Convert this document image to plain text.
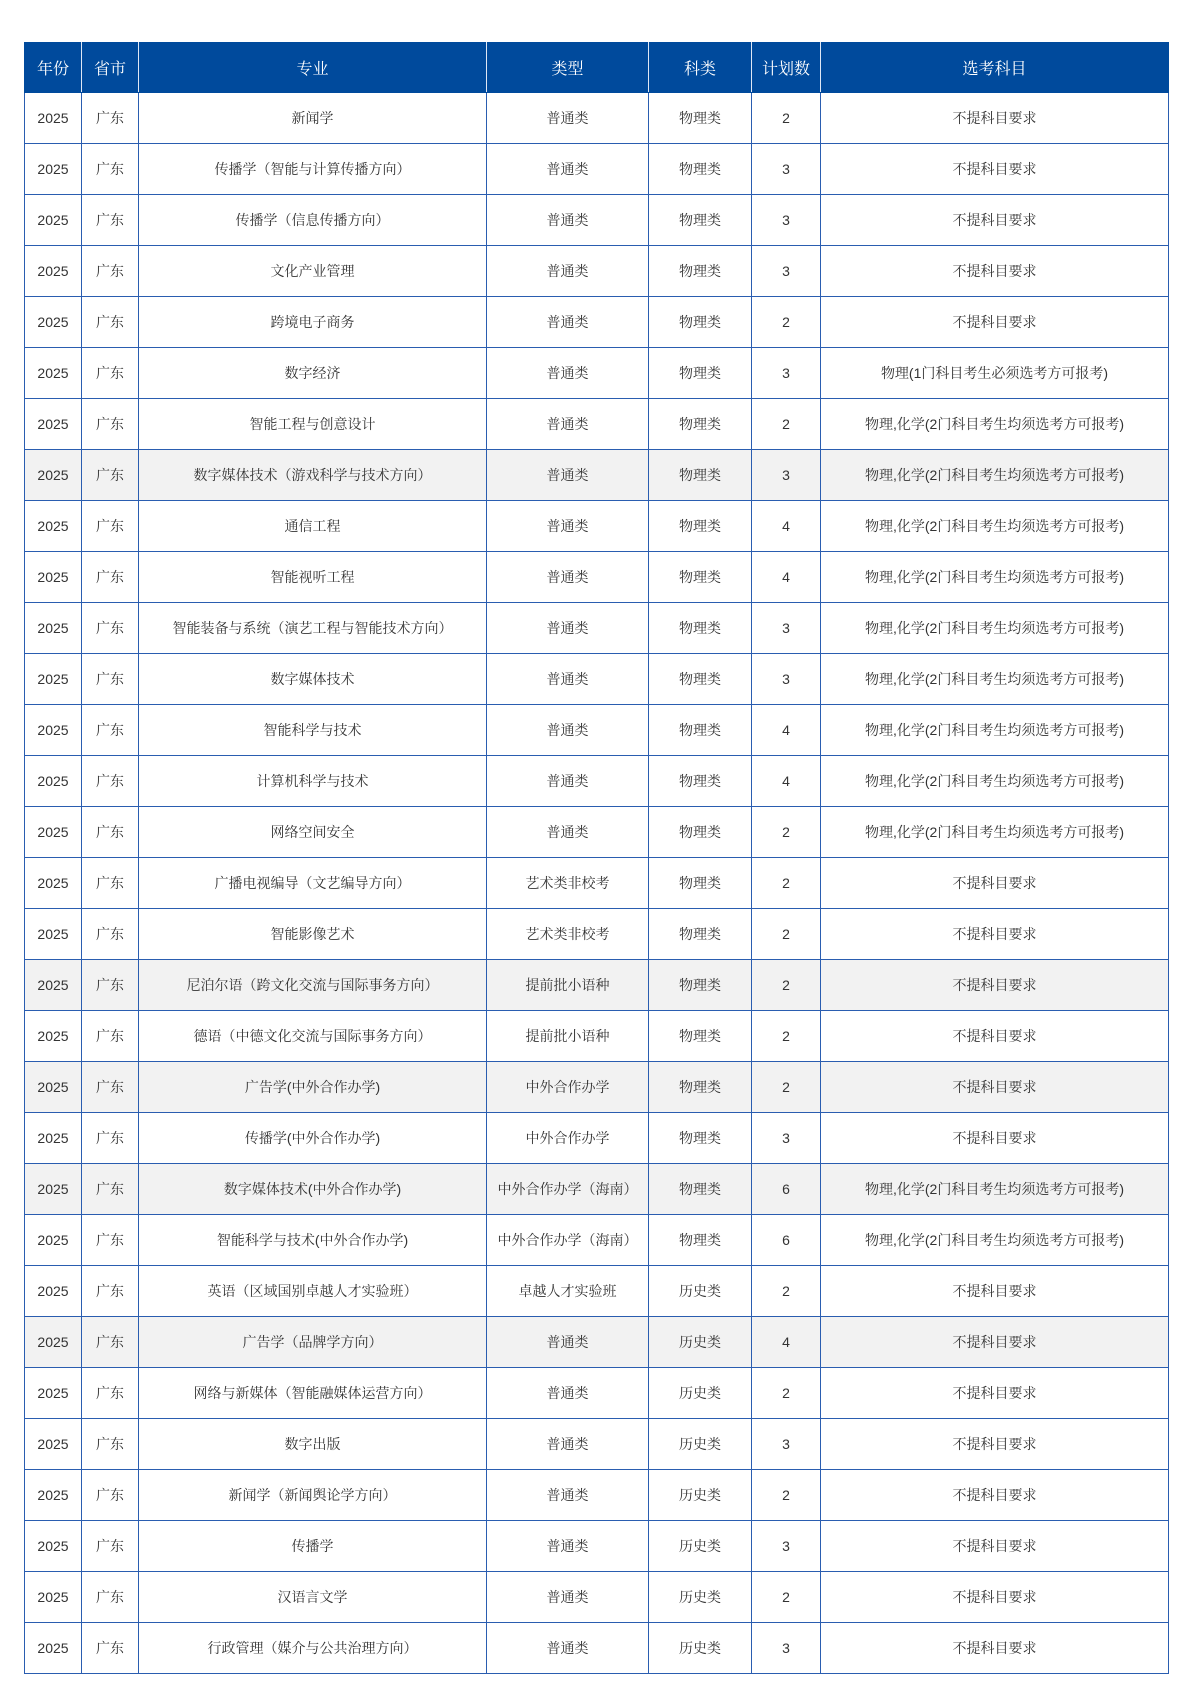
年份	省市	专业	类型	科类	计划数	选考科目
2025	广东	新闻学	普通类	物理类	2	不提科目要求
2025	广东	传播学（智能与计算传播方向）	普通类	物理类	3	不提科目要求
2025	广东	传播学（信息传播方向）	普通类	物理类	3	不提科目要求
2025	广东	文化产业管理	普通类	物理类	3	不提科目要求
2025	广东	跨境电子商务	普通类	物理类	2	不提科目要求
2025	广东	数字经济	普通类	物理类	3	物理(1门科目考生必须选考方可报考)
2025	广东	智能工程与创意设计	普通类	物理类	2	物理,化学(2门科目考生均须选考方可报考)
2025	广东	数字媒体技术（游戏科学与技术方向）	普通类	物理类	3	物理,化学(2门科目考生均须选考方可报考)
2025	广东	通信工程	普通类	物理类	4	物理,化学(2门科目考生均须选考方可报考)
2025	广东	智能视听工程	普通类	物理类	4	物理,化学(2门科目考生均须选考方可报考)
2025	广东	智能装备与系统（演艺工程与智能技术方向）	普通类	物理类	3	物理,化学(2门科目考生均须选考方可报考)
2025	广东	数字媒体技术	普通类	物理类	3	物理,化学(2门科目考生均须选考方可报考)
2025	广东	智能科学与技术	普通类	物理类	4	物理,化学(2门科目考生均须选考方可报考)
2025	广东	计算机科学与技术	普通类	物理类	4	物理,化学(2门科目考生均须选考方可报考)
2025	广东	网络空间安全	普通类	物理类	2	物理,化学(2门科目考生均须选考方可报考)
2025	广东	广播电视编导（文艺编导方向）	艺术类非校考	物理类	2	不提科目要求
2025	广东	智能影像艺术	艺术类非校考	物理类	2	不提科目要求
2025	广东	尼泊尔语（跨文化交流与国际事务方向）	提前批小语种	物理类	2	不提科目要求
2025	广东	德语（中德文化交流与国际事务方向）	提前批小语种	物理类	2	不提科目要求
2025	广东	广告学(中外合作办学)	中外合作办学	物理类	2	不提科目要求
2025	广东	传播学(中外合作办学)	中外合作办学	物理类	3	不提科目要求
2025	广东	数字媒体技术(中外合作办学)	中外合作办学（海南）	物理类	6	物理,化学(2门科目考生均须选考方可报考)
2025	广东	智能科学与技术(中外合作办学)	中外合作办学（海南）	物理类	6	物理,化学(2门科目考生均须选考方可报考)
2025	广东	英语（区域国别卓越人才实验班）	卓越人才实验班	历史类	2	不提科目要求
2025	广东	广告学（品牌学方向）	普通类	历史类	4	不提科目要求
2025	广东	网络与新媒体（智能融媒体运营方向）	普通类	历史类	2	不提科目要求
2025	广东	数字出版	普通类	历史类	3	不提科目要求
2025	广东	新闻学（新闻舆论学方向）	普通类	历史类	2	不提科目要求
2025	广东	传播学	普通类	历史类	3	不提科目要求
2025	广东	汉语言文学	普通类	历史类	2	不提科目要求
2025	广东	行政管理（媒介与公共治理方向）	普通类	历史类	3	不提科目要求
